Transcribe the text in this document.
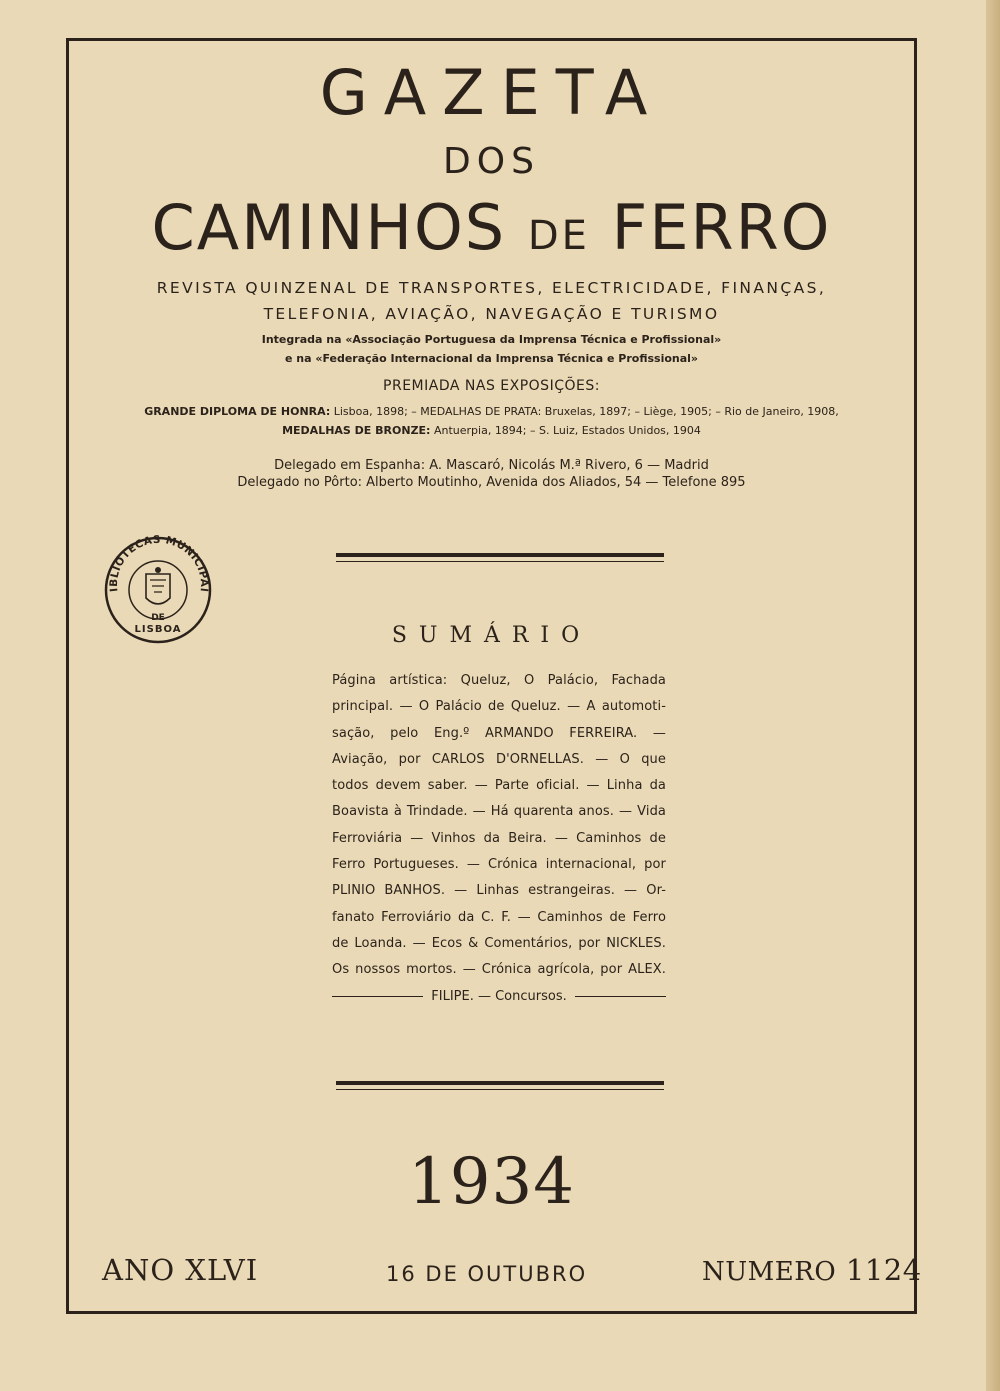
GAZETA
DOS
CAMINHOS DE FERRO
REVISTA QUINZENAL DE TRANSPORTES, ELECTRICIDADE, FINANÇAS,
TELEFONIA, AVIAÇÃO, NAVEGAÇÃO E TURISMO
Integrada na «Associação Portuguesa da Imprensa Técnica e Profissional»
e na «Federação Internacional da Imprensa Técnica e Profissional»
PREMIADA NAS EXPOSIÇÕES:
GRANDE DIPLOMA DE HONRA: Lisboa, 1898; – MEDALHAS DE PRATA: Bruxelas, 1897; – Liège, 1905; – Rio de Janeiro, 1908,
MEDALHAS DE BRONZE: Antuerpia, 1894; – S. Luiz, Estados Unidos, 1904
Delegado em Espanha: A. Mascaró, Nicolás M.ª Rivero, 6 — Madrid
Delegado no Pôrto: Alberto Moutinho, Avenida dos Aliados, 54 — Telefone 895
IBLIOTECAS MUNICIPAI
DE
LISBOA	SUMÁRIO
Página artística: Queluz, O Palácio, Fachada
principal. — O Palácio de Queluz. — A automoti-
sação, pelo Eng.º ARMANDO FERREIRA. —
Aviação, por CARLOS D'ORNELLAS. — O que
todos devem saber. — Parte oficial. — Linha da
Boavista à Trindade. — Há quarenta anos. — Vida
Ferroviária — Vinhos da Beira. — Caminhos de
Ferro Portugueses. — Crónica internacional, por
PLINIO BANHOS. — Linhas estrangeiras. — Or-
fanato Ferroviário da C. F. — Caminhos de Ferro
de Loanda. — Ecos & Comentários, por NICKLES.
Os nossos mortos. — Crónica agrícola, por ALEX.
FILIPE. — Concursos.
1934
ANO XLVI	16 DE OUTUBRO	NUMERO 1124
